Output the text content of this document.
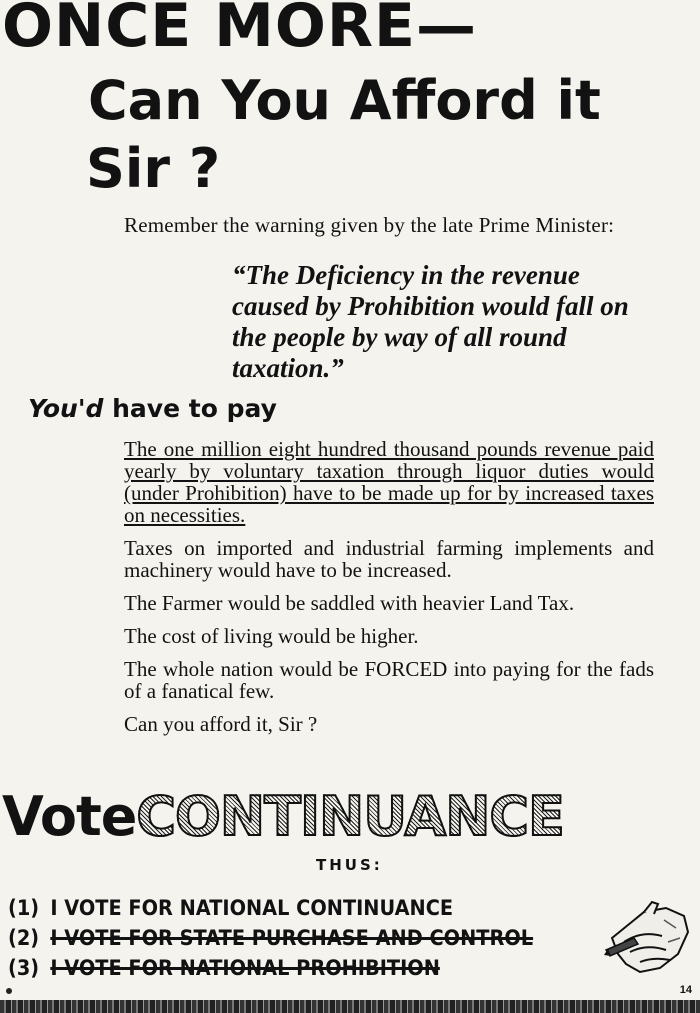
ONCE MORE—
Can You Afford it
Sir ?
Remember the warning given by the late Prime Minister:
“The Deficiency in the revenue caused by Prohibition would fall on the people by way of all round taxation.”
You'd have to pay

The one million eight hundred thousand pounds revenue paid yearly by voluntary taxation through liquor duties would (under Prohibition) have to be made up for by increased taxes on necessities.

Taxes on imported and industrial farming implements and machinery would have to be increased.

The Farmer would be saddled with heavier Land Tax.

The cost of living would be higher.

The whole nation would be FORCED into paying for the fads of a fanatical few.

Can you afford it, Sir ?

VoteCONTINUANCE
THUS:
(1) I VOTE FOR NATIONAL CONTINUANCE
(2) I VOTE FOR STATE PURCHASE AND CONTROL
(3) I VOTE FOR NATIONAL PROHIBITION
14
